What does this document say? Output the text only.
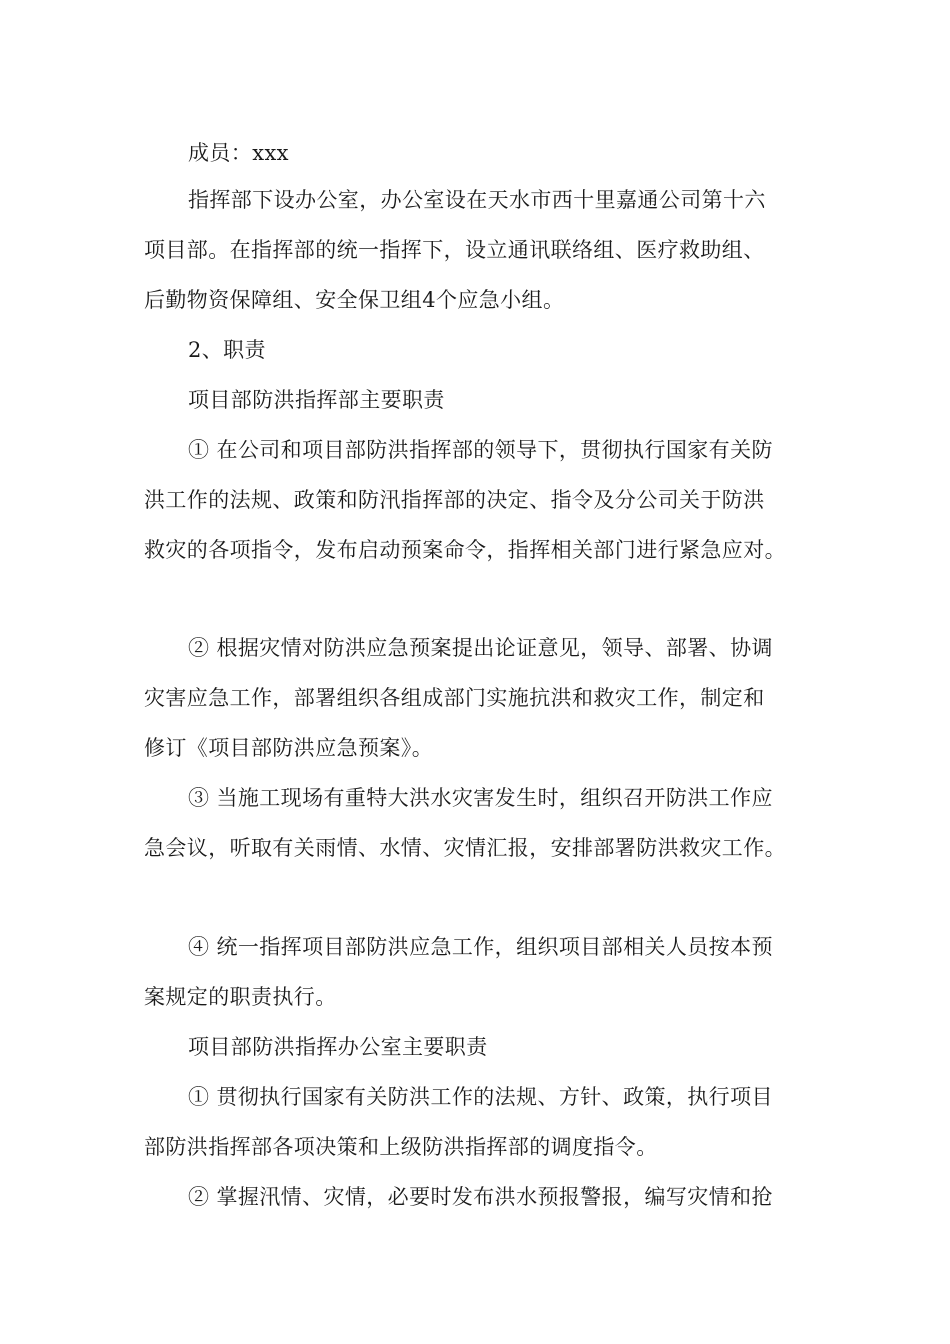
成员：xxx
指挥部下设办公室，办公室设在天水市西十里嘉通公司第十六
项目部。在指挥部的统一指挥下，设立通讯联络组、医疗救助组、
后勤物资保障组、安全保卫组4个应急小组。
2、职责
项目部防洪指挥部主要职责
① 在公司和项目部防洪指挥部的领导下，贯彻执行国家有关防
洪工作的法规、政策和防汛指挥部的决定、指令及分公司关于防洪
救灾的各项指令，发布启动预案命令，指挥相关部门进行紧急应对。
② 根据灾情对防洪应急预案提出论证意见，领导、部署、协调
灾害应急工作，部署组织各组成部门实施抗洪和救灾工作，制定和
修订《项目部防洪应急预案》。
③ 当施工现场有重特大洪水灾害发生时，组织召开防洪工作应
急会议，听取有关雨情、水情、灾情汇报，安排部署防洪救灾工作。
④ 统一指挥项目部防洪应急工作，组织项目部相关人员按本预
案规定的职责执行。
项目部防洪指挥办公室主要职责
① 贯彻执行国家有关防洪工作的法规、方针、政策，执行项目
部防洪指挥部各项决策和上级防洪指挥部的调度指令。
② 掌握汛情、灾情，必要时发布洪水预报警报，编写灾情和抢
